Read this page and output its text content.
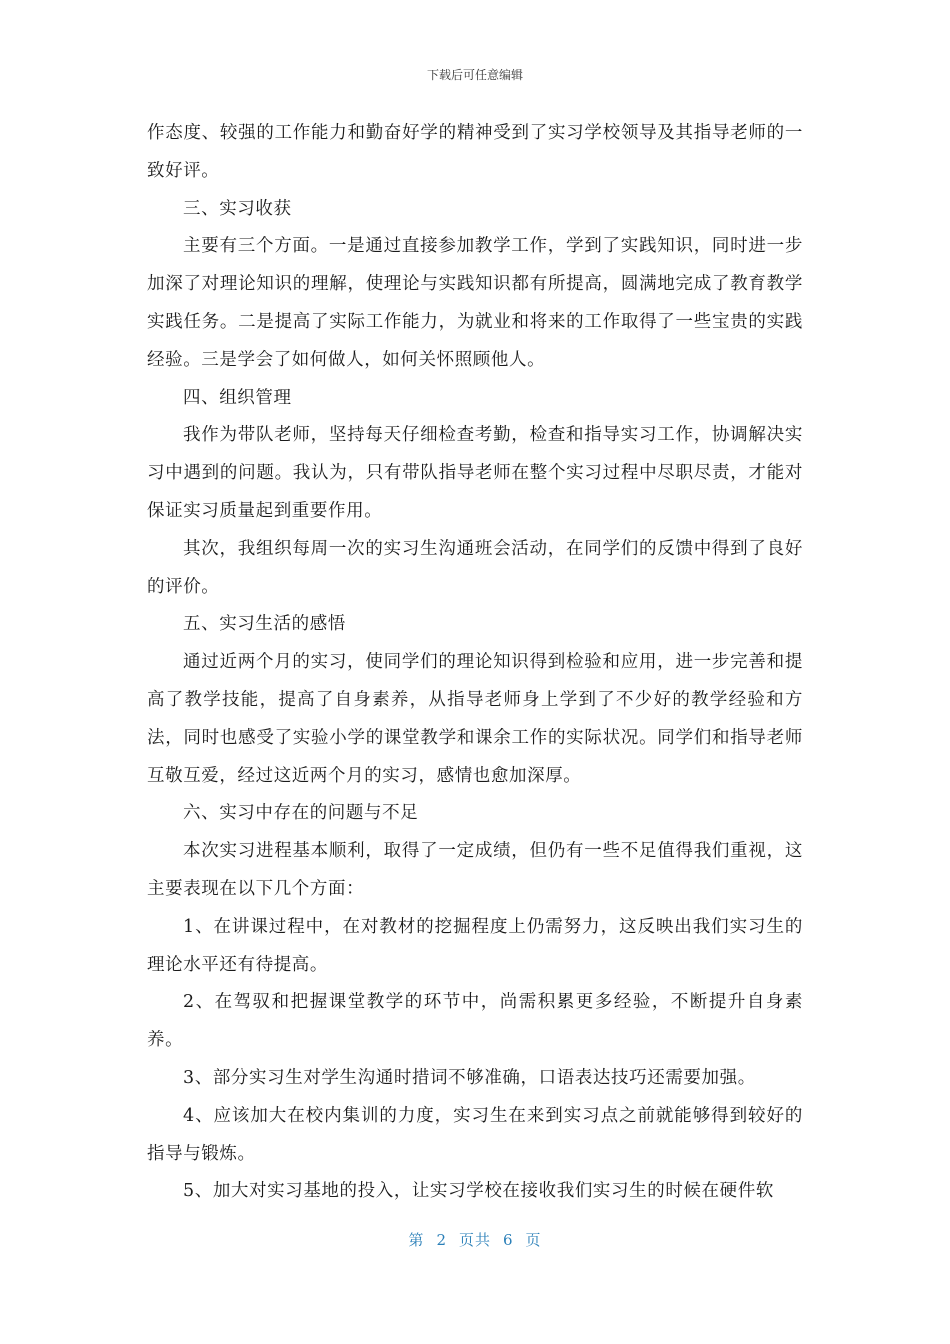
下载后可任意编辑

作态度、较强的工作能力和勤奋好学的精神受到了实习学校领导及其指导老师的一致好评。

三、实习收获

主要有三个方面。一是通过直接参加教学工作，学到了实践知识，同时进一步加深了对理论知识的理解，使理论与实践知识都有所提高，圆满地完成了教育教学实践任务。二是提高了实际工作能力，为就业和将来的工作取得了一些宝贵的实践经验。三是学会了如何做人，如何关怀照顾他人。

四、组织管理

我作为带队老师，坚持每天仔细检查考勤，检查和指导实习工作，协调解决实习中遇到的问题。我认为，只有带队指导老师在整个实习过程中尽职尽责，才能对保证实习质量起到重要作用。

其次，我组织每周一次的实习生沟通班会活动，在同学们的反馈中得到了良好的评价。

五、实习生活的感悟

通过近两个月的实习，使同学们的理论知识得到检验和应用，进一步完善和提高了教学技能，提高了自身素养，从指导老师身上学到了不少好的教学经验和方法，同时也感受了实验小学的课堂教学和课余工作的实际状况。同学们和指导老师互敬互爱，经过这近两个月的实习，感情也愈加深厚。

六、实习中存在的问题与不足

本次实习进程基本顺利，取得了一定成绩，但仍有一些不足值得我们重视，这主要表现在以下几个方面：

1、在讲课过程中，在对教材的挖掘程度上仍需努力，这反映出我们实习生的理论水平还有待提高。

2、在驾驭和把握课堂教学的环节中，尚需积累更多经验，不断提升自身素养。

3、部分实习生对学生沟通时措词不够准确，口语表达技巧还需要加强。

4、应该加大在校内集训的力度，实习生在来到实习点之前就能够得到较好的指导与锻炼。

5、加大对实习基地的投入，让实习学校在接收我们实习生的时候在硬件软

第 2 页共 6 页
